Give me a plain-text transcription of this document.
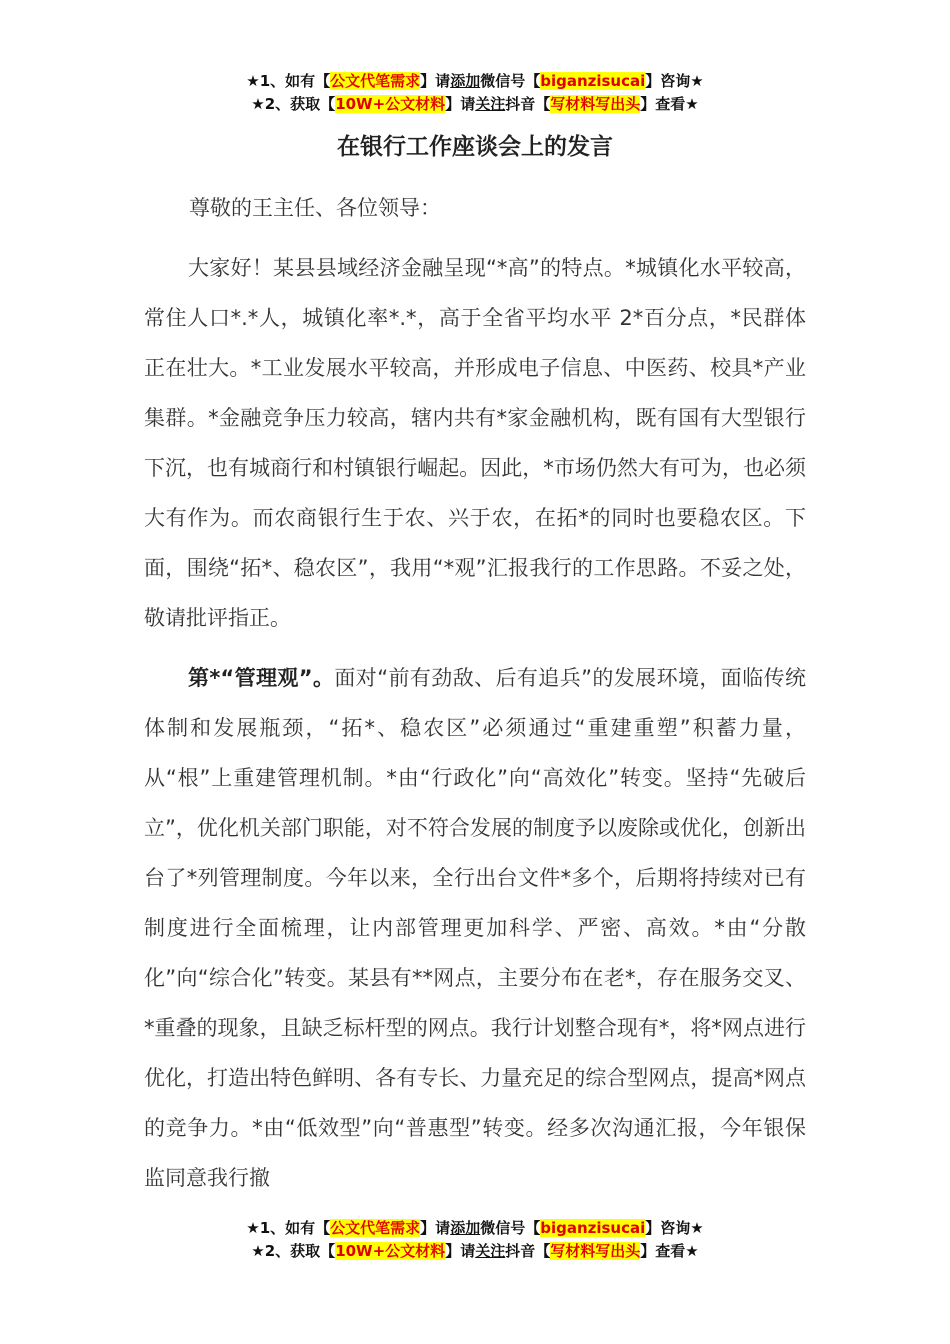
★1、如有【公文代笔需求】请添加微信号【biganzisucai】咨询★
★2、获取【10W+公文材料】请关注抖音【写材料写出头】查看★
在银行工作座谈会上的发言
尊敬的王主任、各位领导：

大家好！某县县域经济金融呈现“*高”的特点。*城镇化水平较高，常住人口*.*人，城镇化率*.*，高于全省平均水平 2*百分点，*民群体正在壮大。*工业发展水平较高，并形成电子信息、中医药、校具*产业集群。*金融竞争压力较高，辖内共有*家金融机构，既有国有大型银行下沉，也有城商行和村镇银行崛起。因此，*市场仍然大有可为，也必须大有作为。而农商银行生于农、兴于农，在拓*的同时也要稳农区。下面，围绕“拓*、稳农区”，我用“*观”汇报我行的工作思路。不妥之处，敬请批评指正。

第*“管理观”。面对“前有劲敌、后有追兵”的发展环境，面临传统体制和发展瓶颈，“拓*、稳农区”必须通过“重建重塑”积蓄力量，从“根”上重建管理机制。*由“行政化”向“高效化”转变。坚持“先破后立”，优化机关部门职能，对不符合发展的制度予以废除或优化，创新出台了*列管理制度。今年以来，全行出台文件*多个，后期将持续对已有制度进行全面梳理，让内部管理更加科学、严密、高效。*由“分散化”向“综合化”转变。某县有**网点，主要分布在老*，存在服务交叉、*重叠的现象，且缺乏标杆型的网点。我行计划整合现有*，将*网点进行优化，打造出特色鲜明、各有专长、力量充足的综合型网点，提高*网点的竞争力。*由“低效型”向“普惠型”转变。经多次沟通汇报，今年银保监同意我行撤

★1、如有【公文代笔需求】请添加微信号【biganzisucai】咨询★
★2、获取【10W+公文材料】请关注抖音【写材料写出头】查看★
